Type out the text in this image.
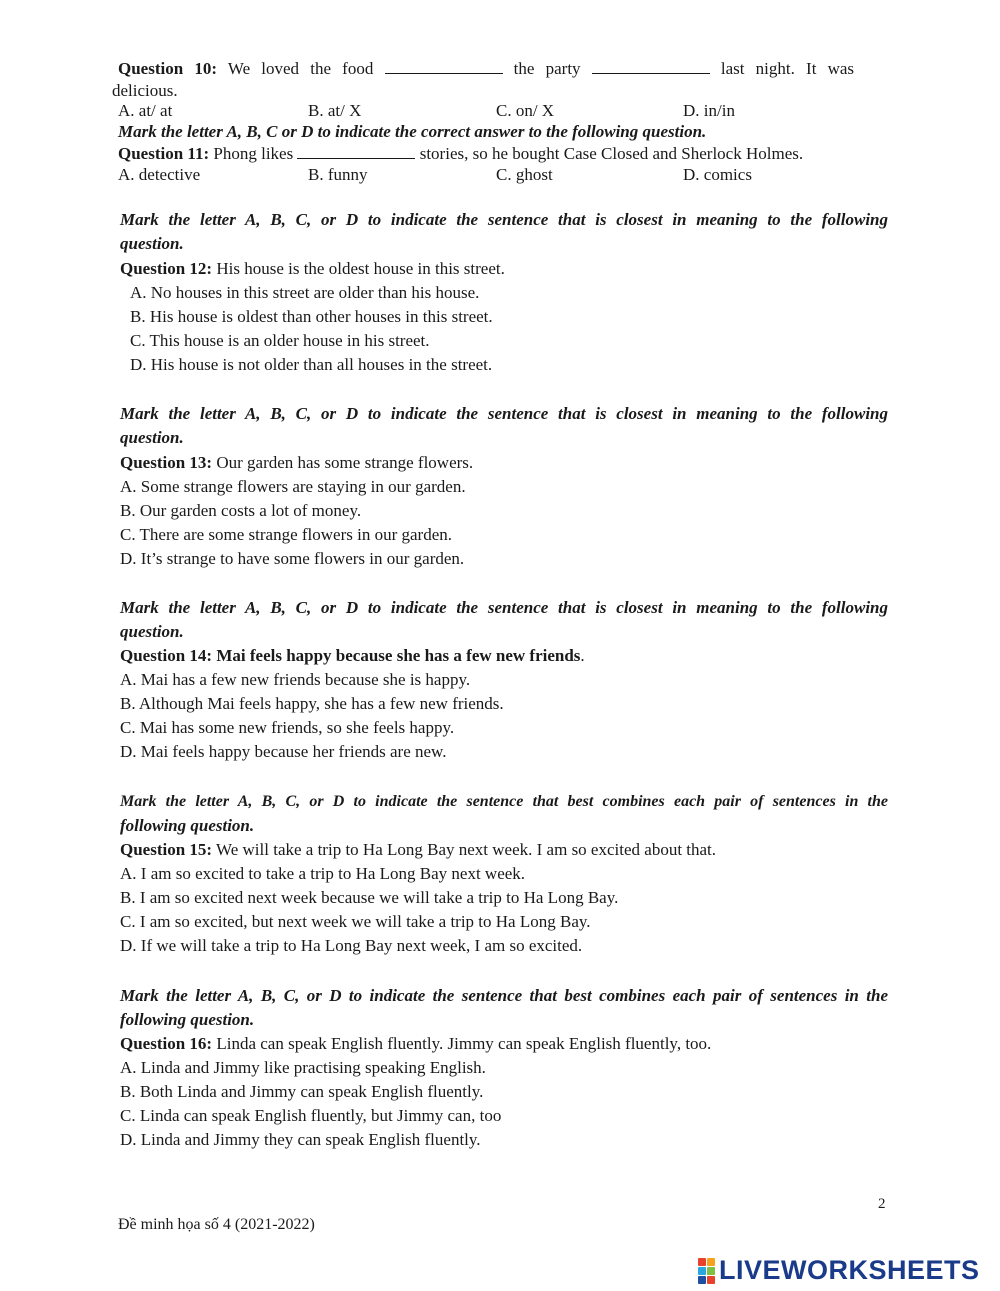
Question 10: We loved the food	the party	last night. It was
delicious.
A. at/ at	B. at/ X	C. on/ X	D. in/in
Mark the letter A, B, C or D to indicate the correct answer to the following question.
Question 11: Phong likes	stories, so he bought Case Closed and Sherlock Holmes.
A. detective	B. funny	C. ghost	D. comics
Mark the letter A, B, C, or D to indicate the sentence that is closest in meaning to the following
question.
Question 12: His house is the oldest house in this street.
A. No houses in this street are older than his house.
B. His house is oldest than other houses in this street.
C. This house is an older house in his street.
D. His house is not older than all houses in the street.
Mark the letter A, B, C, or D to indicate the sentence that is closest in meaning to the following
question.
Question 13: Our garden has some strange flowers.
A. Some strange flowers are staying in our garden.
B. Our garden costs a lot of money.
C. There are some strange flowers in our garden.
D. It’s strange to have some flowers in our garden.
Mark the letter A, B, C, or D to indicate the sentence that is closest in meaning to the following
question.
Question 14: Mai feels happy because she has a few new friends.
A. Mai has a few new friends because she is happy.
B. Although Mai feels happy, she has a few new friends.
C. Mai has some new friends, so she feels happy.
D. Mai feels happy because her friends are new.
Mark the letter A, B, C, or D to indicate the sentence that best combines each pair of sentences in the
following question.
Question 15: We will take a trip to Ha Long Bay next week. I am so excited about that.
A. I am so excited to take a trip to Ha Long Bay next week.
B. I am so excited next week because we will take a trip to Ha Long Bay.
C. I am so excited, but next week we will take a trip to Ha Long Bay.
D. If we will take a trip to Ha Long Bay next week, I am so excited.
Mark the letter A, B, C, or D to indicate the sentence that best combines each pair of sentences in the
following question.
Question 16: Linda can speak English fluently. Jimmy can speak English fluently, too.
A. Linda and Jimmy like practising speaking English.
B. Both Linda and Jimmy can speak English fluently.
C. Linda can speak English fluently, but Jimmy can, too
D. Linda and Jimmy they can speak English fluently.
2
Đề minh họa số 4 (2021-2022)
LIVEWORKSHEETS
